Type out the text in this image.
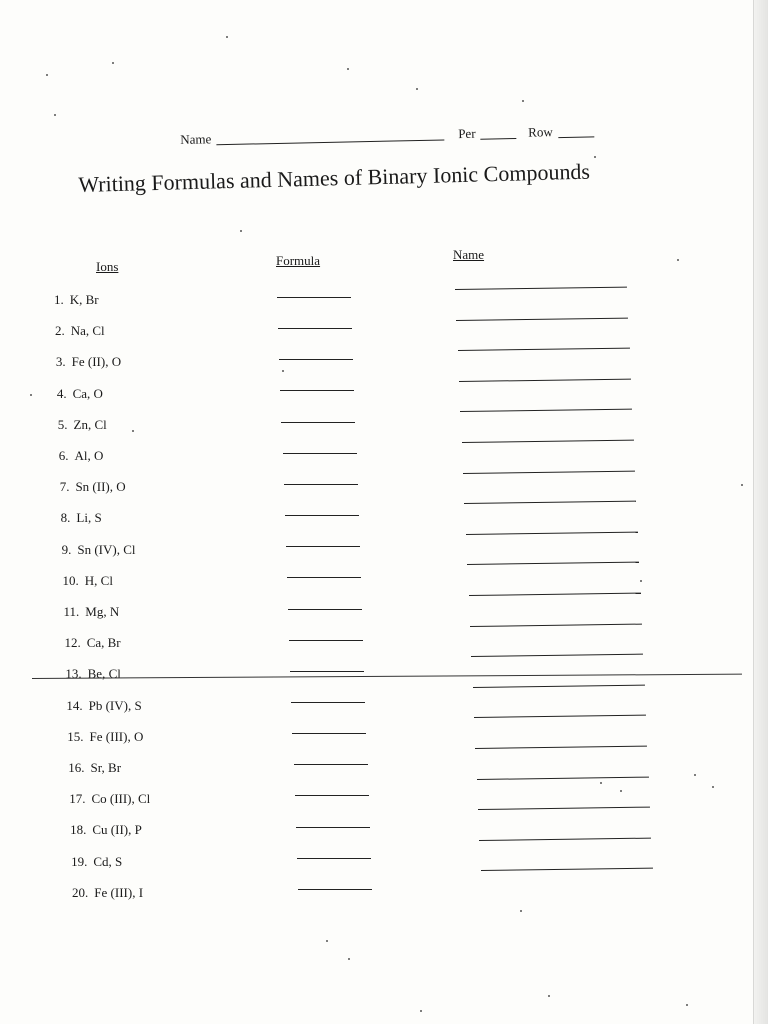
Name	Per	Row
Writing Formulas and Names of Binary Ionic Compounds
Ions	Formula	Name
1. K, Br
2. Na, Cl
3. Fe (II), O
4. Ca, O
5. Zn, Cl
6. Al, O
7. Sn (II), O
8. Li, S
9. Sn (IV), Cl
10. H, Cl
11. Mg, N
12. Ca, Br
13. Be, Cl
14. Pb (IV), S
15. Fe (III), O
16. Sr, Br
17. Co (III), Cl
18. Cu (II), P
19. Cd, S
20. Fe (III), I
